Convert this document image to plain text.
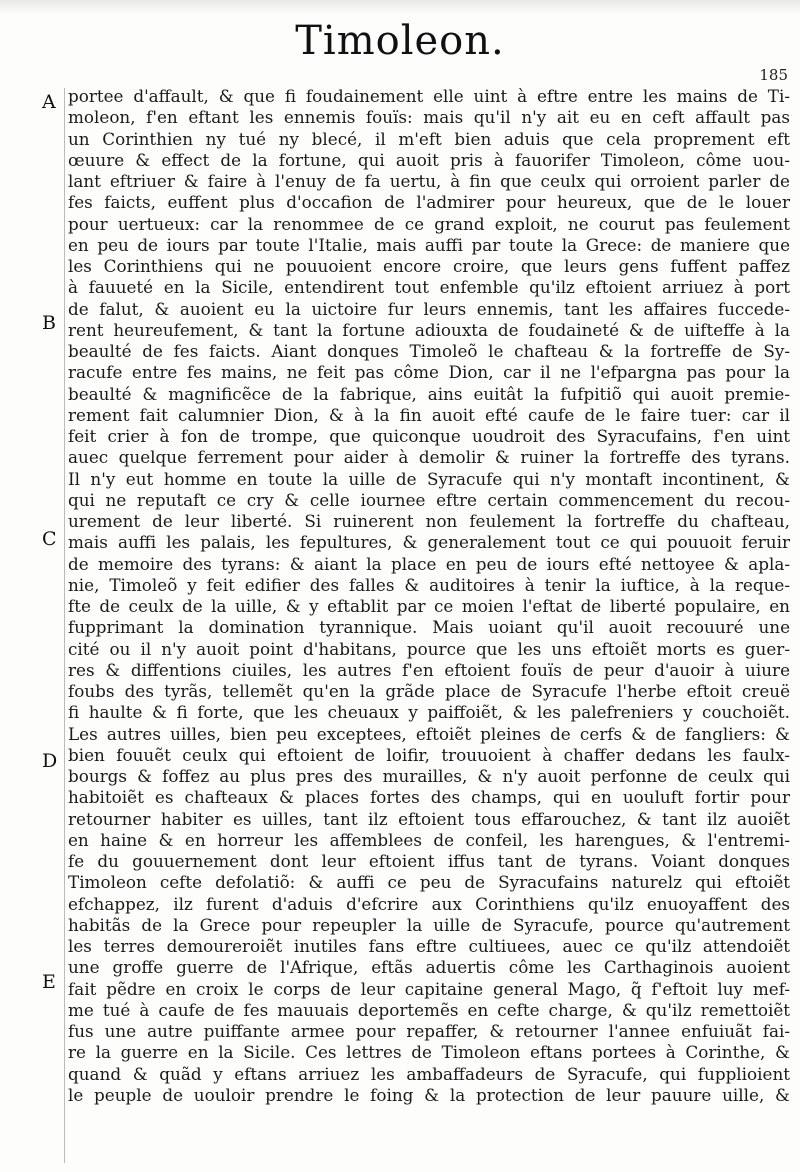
Timoleon.
185
A
B
C
D
E
portee d'affault, & que fi foudainement elle uint à eftre entre les mains de Ti-
moleon, f'en eftant les ennemis fouïs: mais qu'il n'y ait eu en ceft affault pas
un Corinthien ny tué ny blecé, il m'eft bien aduis que cela proprement eft
œuure & effect de la fortune, qui auoit pris à fauorifer Timoleon, côme uou-
lant eftriuer & faire à l'enuy de fa uertu, à fin que ceulx qui orroient parler de
fes faicts, euffent plus d'occafion de l'admirer pour heureux, que de le louer
pour uertueux: car la renommee de ce grand exploit, ne courut pas feulement
en peu de iours par toute l'Italie, mais auffi par toute la Grece: de maniere que
les Corinthiens qui ne pouuoient encore croire, que leurs gens fuffent paffez
à fauueté en la Sicile, entendirent tout enfemble qu'ilz eftoient arriuez à port
de falut, & auoient eu la uictoire fur leurs ennemis, tant les affaires fuccede-
rent heureufement, & tant la fortune adiouxta de foudaineté & de uifteffe à la
beaulté de fes faicts. Aiant donques Timoleõ le chafteau & la fortreffe de Sy-
racufe entre fes mains, ne feit pas côme Dion, car il ne l'efpargna pas pour la
beaulté & magnificẽce de la fabrique, ains euitât la fufpitiõ qui auoit premie-
rement fait calumnier Dion, & à la fin auoit efté caufe de le faire tuer: car il
feit crier à fon de trompe, que quiconque uoudroit des Syracufains, f'en uint
auec quelque ferrement pour aider à demolir & ruiner la fortreffe des tyrans.
Il n'y eut homme en toute la uille de Syracufe qui n'y montaft incontinent, &
qui ne reputaft ce cry & celle iournee eftre certain commencement du recou-
urement de leur liberté. Si ruinerent non feulement la fortreffe du chafteau,
mais auffi les palais, les fepultures, & generalement tout ce qui pouuoit feruir
de memoire des tyrans: & aiant la place en peu de iours efté nettoyee & apla-
nie, Timoleõ y feit edifier des falles & auditoires à tenir la iuftice, à la reque-
fte de ceulx de la uille, & y eftablit par ce moien l'eftat de liberté populaire, en
fupprimant la domination tyrannique. Mais uoiant qu'il auoit recouuré une
cité ou il n'y auoit point d'habitans, pource que les uns eftoiẽt morts es guer-
res & diffentions ciuiles, les autres f'en eftoient fouïs de peur d'auoir à uiure
foubs des tyrãs, tellemẽt qu'en la grãde place de Syracufe l'herbe eftoit creuë
fi haulte & fi forte, que les cheuaux y paiffoiẽt, & les palefreniers y couchoiẽt.
Les autres uilles, bien peu exceptees, eftoiẽt pleines de cerfs & de fangliers: &
bien fouuẽt ceulx qui eftoient de loifir, trouuoient à chaffer dedans les faulx-
bourgs & foffez au plus pres des murailles, & n'y auoit perfonne de ceulx qui
habitoiẽt es chafteaux & places fortes des champs, qui en uouluft fortir pour
retourner habiter es uilles, tant ilz eftoient tous effarouchez, & tant ilz auoiẽt
en haine & en horreur les affemblees de confeil, les harengues, & l'entremi-
fe du gouuernement dont leur eftoient iffus tant de tyrans. Voiant donques
Timoleon cefte defolatiõ: & auffi ce peu de Syracufains naturelz qui eftoiẽt
efchappez, ilz furent d'aduis d'efcrire aux Corinthiens qu'ilz enuoyaffent des
habitãs de la Grece pour repeupler la uille de Syracufe, pource qu'autrement
les terres demoureroiẽt inutiles fans eftre cultiuees, auec ce qu'ilz attendoiẽt
une groffe guerre de l'Afrique, eftãs aduertis côme les Carthaginois auoient
fait pẽdre en croix le corps de leur capitaine general Mago, q̃ f'eftoit luy mef-
me tué à caufe de fes mauuais deportemẽs en cefte charge, & qu'ilz remettoiẽt
fus une autre puiffante armee pour repaffer, & retourner l'annee enfuiuãt fai-
re la guerre en la Sicile. Ces lettres de Timoleon eftans portees à Corinthe, &
quand & quãd y eftans arriuez les ambaffadeurs de Syracufe, qui fupplioient
le peuple de uouloir prendre le foing & la protection de leur pauure uille, &
